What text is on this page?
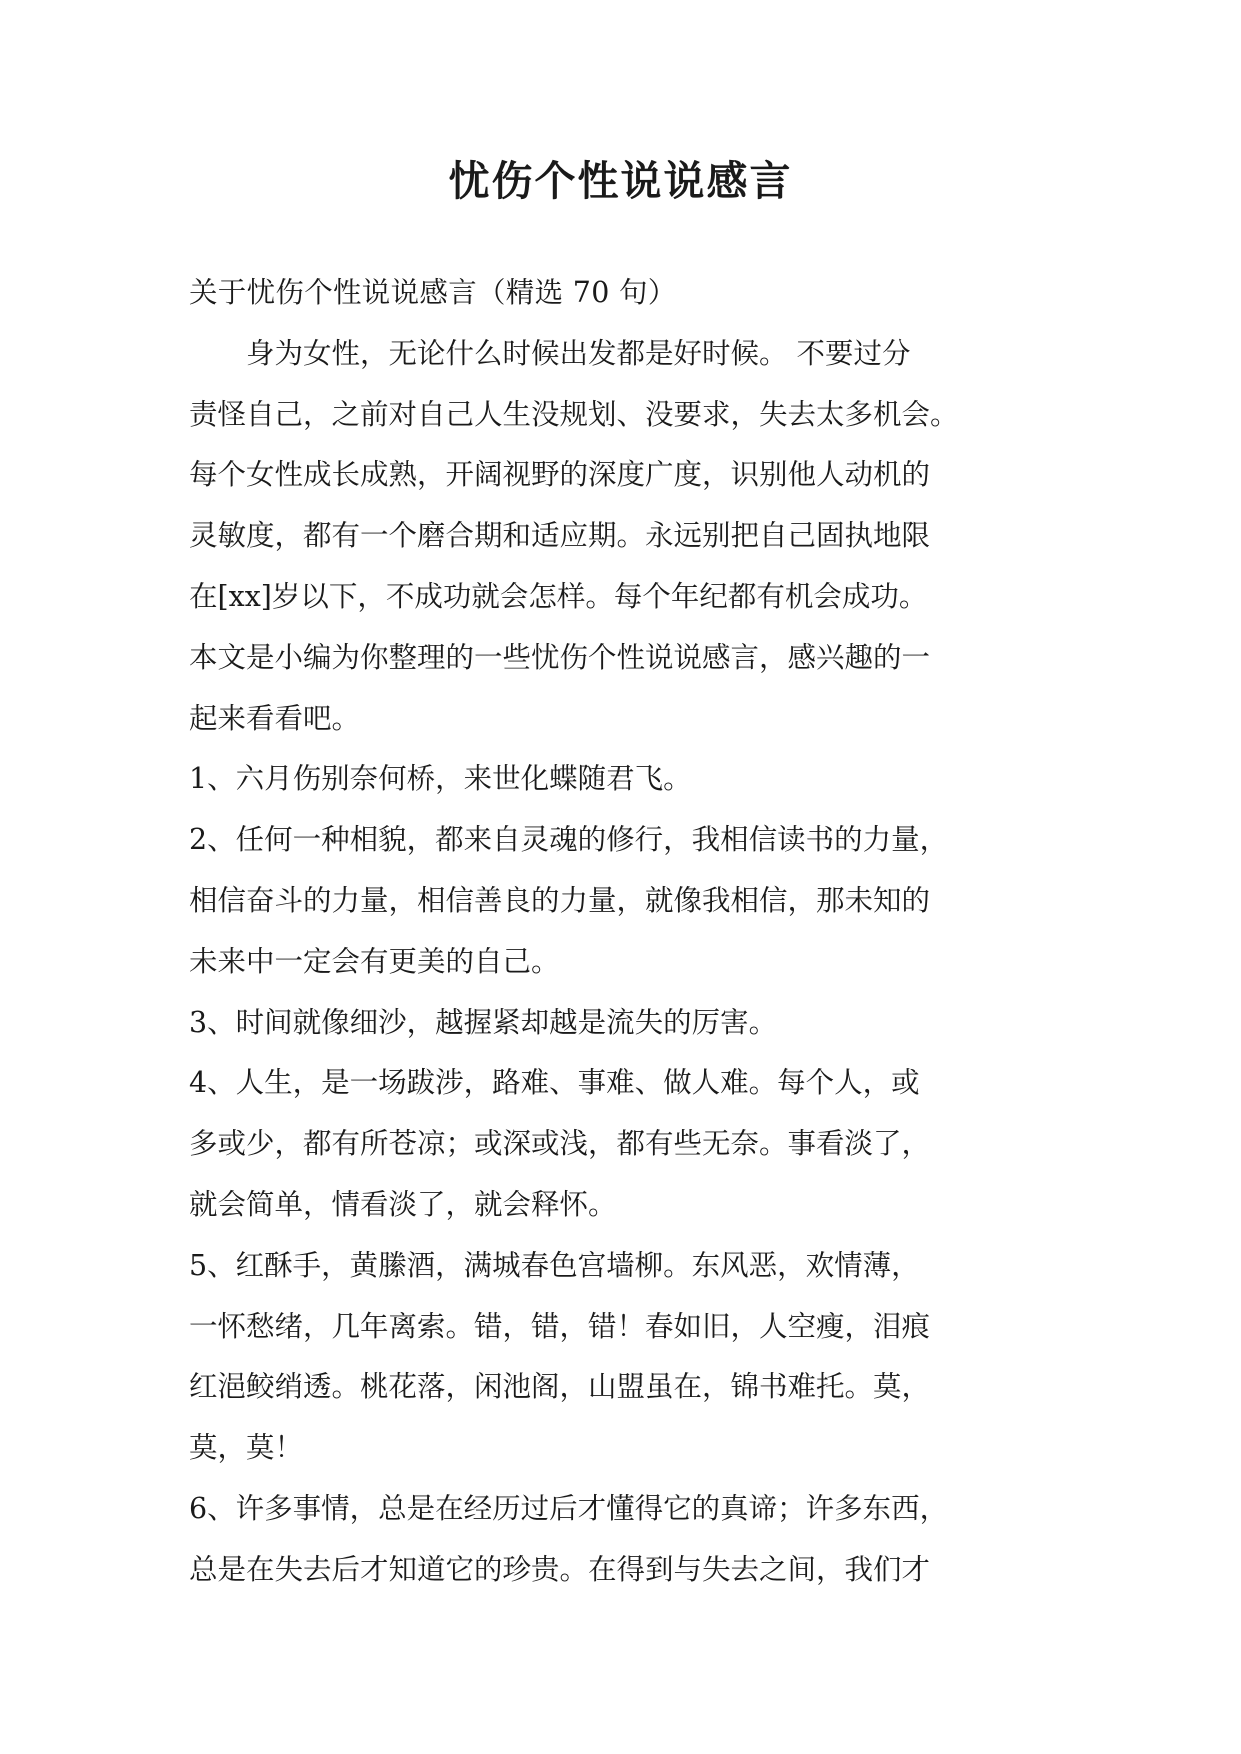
忧伤个性说说感言

关于忧伤个性说说感言（精选 70 句）

　　身为女性，无论什么时候出发都是好时候。 不要过分

责怪自己，之前对自己人生没规划、没要求，失去太多机会。

每个女性成长成熟，开阔视野的深度广度，识别他人动机的

灵敏度，都有一个磨合期和适应期。永远别把自己固执地限

在[xx]岁以下，不成功就会怎样。每个年纪都有机会成功。

本文是小编为你整理的一些忧伤个性说说感言，感兴趣的一

起来看看吧。

1、六月伤别奈何桥，来世化蝶随君飞。

2、任何一种相貌，都来自灵魂的修行，我相信读书的力量，

相信奋斗的力量，相信善良的力量，就像我相信，那未知的

未来中一定会有更美的自己。

3、时间就像细沙，越握紧却越是流失的厉害。

4、人生，是一场跋涉，路难、事难、做人难。每个人，或

多或少，都有所苍凉；或深或浅，都有些无奈。事看淡了，

就会简单，情看淡了，就会释怀。

5、红酥手，黄縢酒，满城春色宫墙柳。东风恶，欢情薄，

一怀愁绪，几年离索。错，错，错！春如旧，人空瘦，泪痕

红浥鲛绡透。桃花落，闲池阁，山盟虽在，锦书难托。莫，

莫，莫！

6、许多事情，总是在经历过后才懂得它的真谛；许多东西，

总是在失去后才知道它的珍贵。在得到与失去之间，我们才
